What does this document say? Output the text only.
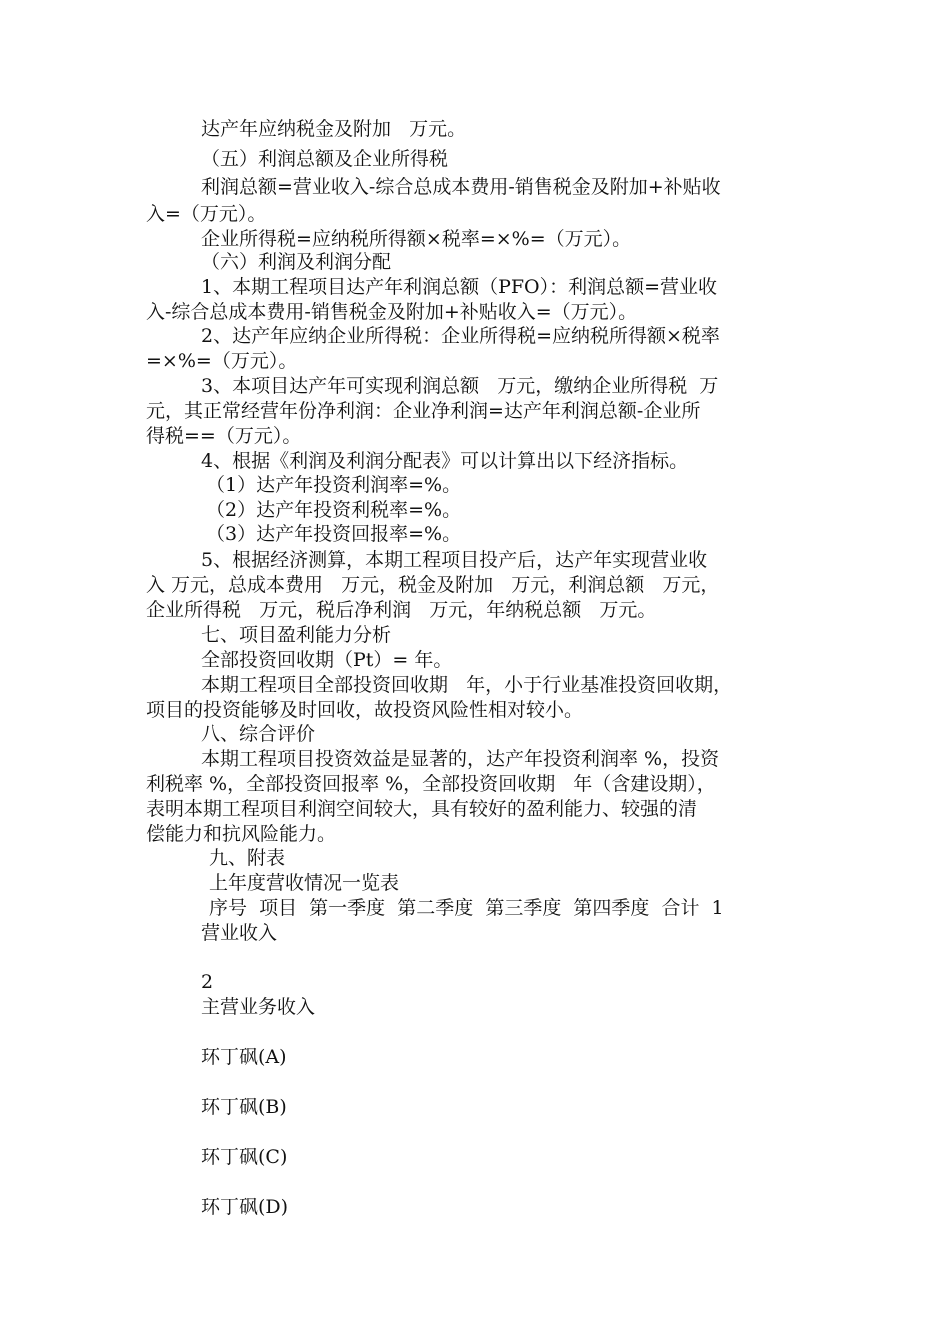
达产年应纳税金及附加   万元。
（五）利润总额及企业所得税
利润总额=营业收入-综合总成本费用-销售税金及附加+补贴收
入=（万元）。
企业所得税=应纳税所得额×税率=×%=（万元）。
（六）利润及利润分配
1、本期工程项目达产年利润总额（PFO）：利润总额=营业收
入-综合总成本费用-销售税金及附加+补贴收入=（万元）。
2、达产年应纳企业所得税：企业所得税=应纳税所得额×税率
=×%=（万元）。
3、本项目达产年可实现利润总额   万元，缴纳企业所得税  万
元，其正常经营年份净利润：企业净利润=达产年利润总额-企业所
得税==（万元）。
4、根据《利润及利润分配表》可以计算出以下经济指标。
（1）达产年投资利润率=%。
（2）达产年投资利税率=%。
（3）达产年投资回报率=%。
5、根据经济测算，本期工程项目投产后，达产年实现营业收
入 万元，总成本费用   万元，税金及附加   万元，利润总额   万元，
企业所得税   万元，税后净利润   万元，年纳税总额   万元。
七、项目盈利能力分析
全部投资回收期（Pt）= 年。
本期工程项目全部投资回收期   年，小于行业基准投资回收期，
项目的投资能够及时回收，故投资风险性相对较小。
八、综合评价
本期工程项目投资效益是显著的，达产年投资利润率 %，投资
利税率 %，全部投资回报率 %，全部投资回收期   年（含建设期），
表明本期工程项目利润空间较大，具有较好的盈利能力、较强的清
偿能力和抗风险能力。
九、附表
上年度营收情况一览表
序号  项目  第一季度  第二季度  第三季度  第四季度  合计  1
营业收入
2
主营业务收入
环丁砜(A)
环丁砜(B)
环丁砜(C)
环丁砜(D)
